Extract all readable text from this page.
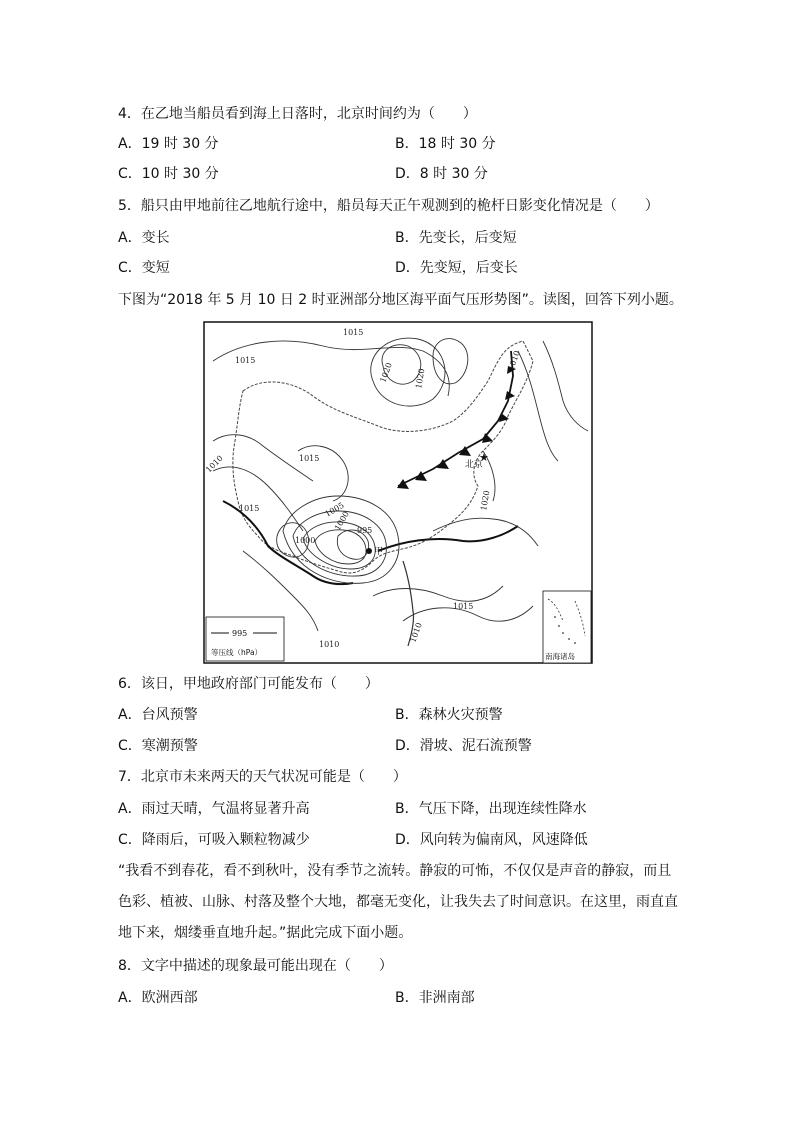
4．在乙地当船员看到海上日落时，北京时间约为（　　）
A．19 时 30 分	B．18 时 30 分
C．10 时 30 分	D．8 时 30 分
5．船只由甲地前往乙地航行途中，船员每天正午观测到的桅杆日影变化情况是（　　）
A．变长	B．先变长，后变短
C．变短	D．先变短，后变长
下图为“2018 年 5 月 10 日 2 时亚洲部分地区海平面气压形势图”。读图，回答下列小题。
1015
1015
1020	1020
1010
1015
1010
1015	1005
1000
1000
995
1020
1015
1010
1010
★
北京
甲
995
等压线（hPa）	南海诸岛
6．该日，甲地政府部门可能发布（　　）
A．台风预警	B．森林火灾预警
C．寒潮预警	D．滑坡、泥石流预警
7．北京市未来两天的天气状况可能是（　　）
A．雨过天晴，气温将显著升高	B．气压下降，出现连续性降水
C．降雨后，可吸入颗粒物减少	D．风向转为偏南风，风速降低
“我看不到春花，看不到秋叶，没有季节之流转。静寂的可怖，不仅仅是声音的静寂，而且色彩、植被、山脉、村落及整个大地，都毫无变化，让我失去了时间意识。在这里，雨直直地下来，烟缕垂直地升起。”据此完成下面小题。
8．文字中描述的现象最可能出现在（　　）
A．欧洲西部	B．非洲南部
